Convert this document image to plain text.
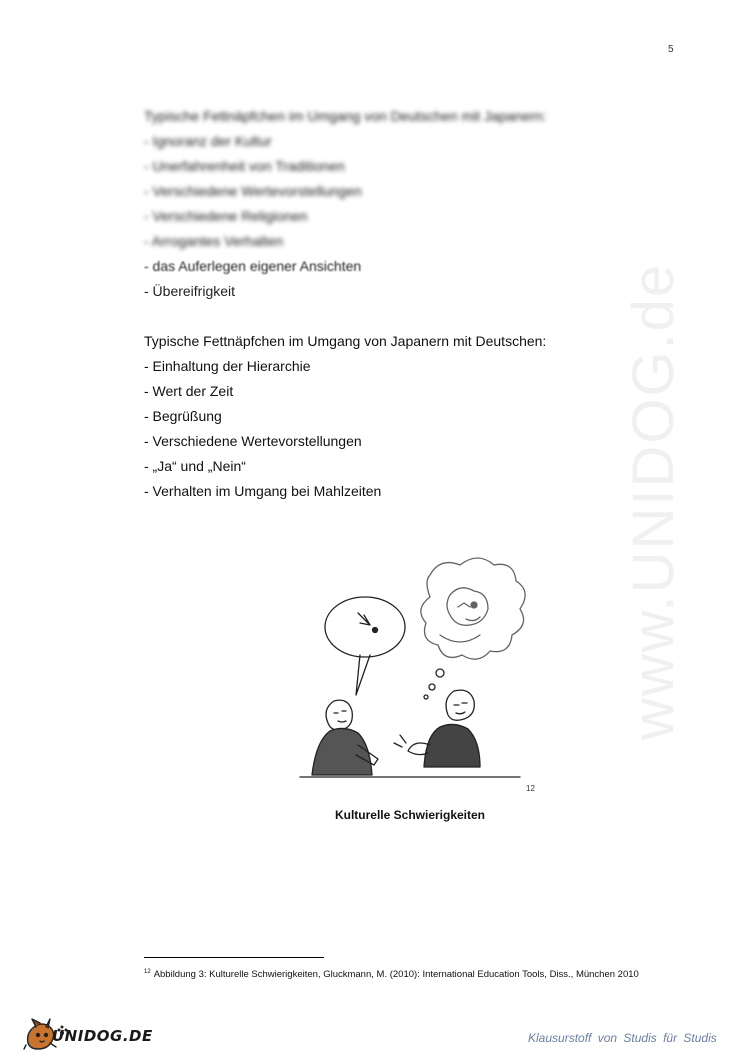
5
www.UNIDOG.de
Typische Fettnäpfchen im Umgang von Deutschen mit Japanern:
- Ignoranz der Kultur
- Unerfahrenheit von Traditionen
- Verschiedene Wertevorstellungen
- Verschiedene Religionen
- Arrogantes Verhalten
- das Auferlegen eigener Ansichten
- Übereifrigkeit
Typische Fettnäpfchen im Umgang von Japanern mit Deutschen:
- Einhaltung der Hierarchie
- Wert der Zeit
- Begrüßung
- Verschiedene Wertevorstellungen
- „Ja“ und „Nein“
- Verhalten im Umgang bei Mahlzeiten
12
Kulturelle Schwierigkeiten
$^{12}$ Abbildung 3: Kulturelle Schwierigkeiten, Gluckmann, M. (2010): International Education Tools, Diss., München 2010
UNIDOG.DE	Klausurstoff von Studis für Studis
